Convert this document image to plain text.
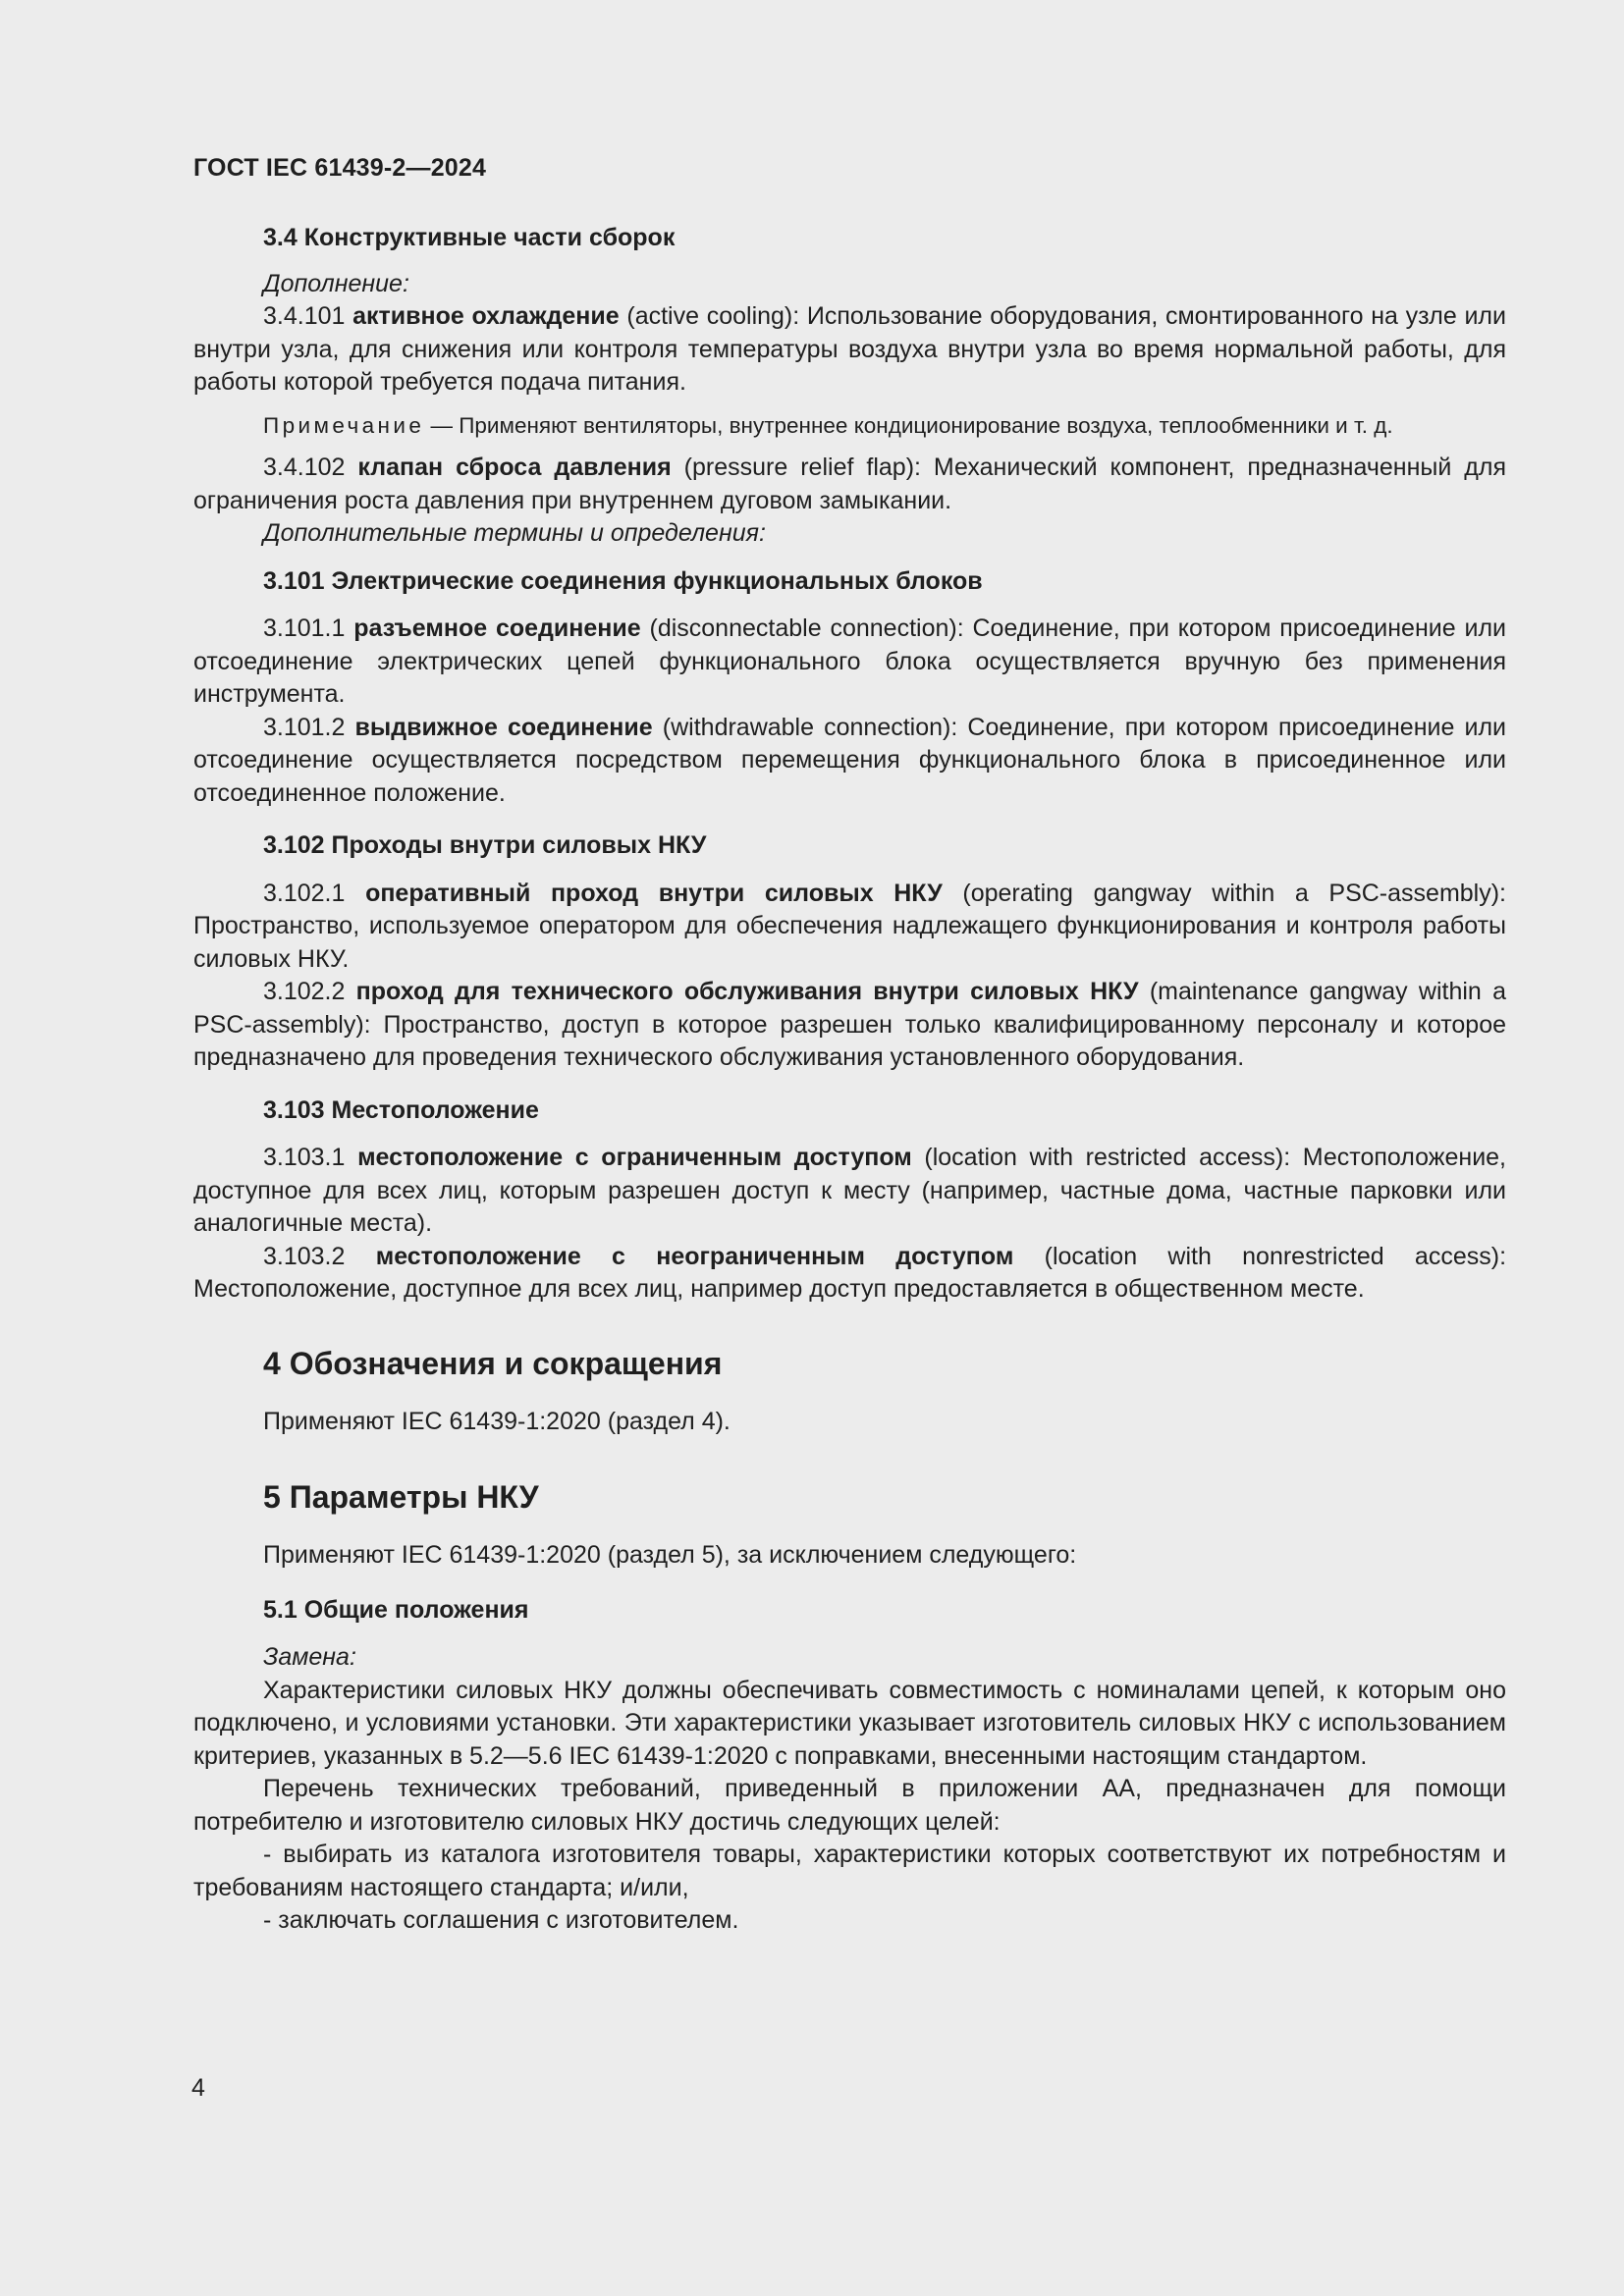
ГОСТ IEC 61439-2—2024
3.4 Конструктивные части сборок

Дополнение:

3.4.101 активное охлаждение (active cooling): Использование оборудования, смонтированного на узле или внутри узла, для снижения или контроля температуры воздуха внутри узла во время нормальной работы, для работы которой требуется подача питания.

Примечание — Применяют вентиляторы, внутреннее кондиционирование воздуха, теплообменники и т. д.

3.4.102 клапан сброса давления (pressure relief flap): Механический компонент, предназначенный для ограничения роста давления при внутреннем дуговом замыкании.

Дополнительные термины и определения:

3.101 Электрические соединения функциональных блоков

3.101.1 разъемное соединение (disconnectable connection): Соединение, при котором присоединение или отсоединение электрических цепей функционального блока осуществляется вручную без применения инструмента.

3.101.2 выдвижное соединение (withdrawable connection): Соединение, при котором присоединение или отсоединение осуществляется посредством перемещения функционального блока в присоединенное или отсоединенное положение.

3.102 Проходы внутри силовых НКУ

3.102.1 оперативный проход внутри силовых НКУ (operating gangway within a PSC-assembly): Пространство, используемое оператором для обеспечения надлежащего функционирования и контроля работы силовых НКУ.

3.102.2 проход для технического обслуживания внутри силовых НКУ (maintenance gangway within a PSC-assembly): Пространство, доступ в которое разрешен только квалифицированному персоналу и которое предназначено для проведения технического обслуживания установленного оборудования.

3.103 Местоположение

3.103.1 местоположение с ограниченным доступом (location with restricted access): Местоположение, доступное для всех лиц, которым разрешен доступ к месту (например, частные дома, частные парковки или аналогичные места).

3.103.2 местоположение с неограниченным доступом (location with nonrestricted access): Местоположение, доступное для всех лиц, например доступ предоставляется в общественном месте.

4 Обозначения и сокращения

Применяют IEC 61439-1:2020 (раздел 4).

5 Параметры НКУ

Применяют IEC 61439-1:2020 (раздел 5), за исключением следующего:

5.1 Общие положения

Замена:

Характеристики силовых НКУ должны обеспечивать совместимость с номиналами цепей, к которым оно подключено, и условиями установки. Эти характеристики указывает изготовитель силовых НКУ с использованием критериев, указанных в 5.2—5.6 IEC 61439-1:2020 с поправками, внесенными настоящим стандартом.

Перечень технических требований, приведенный в приложении АА, предназначен для помощи потребителю и изготовителю силовых НКУ достичь следующих целей:

- выбирать из каталога изготовителя товары, характеристики которых соответствуют их потребностям и требованиям настоящего стандарта; и/или,

- заключать соглашения с изготовителем.

4
